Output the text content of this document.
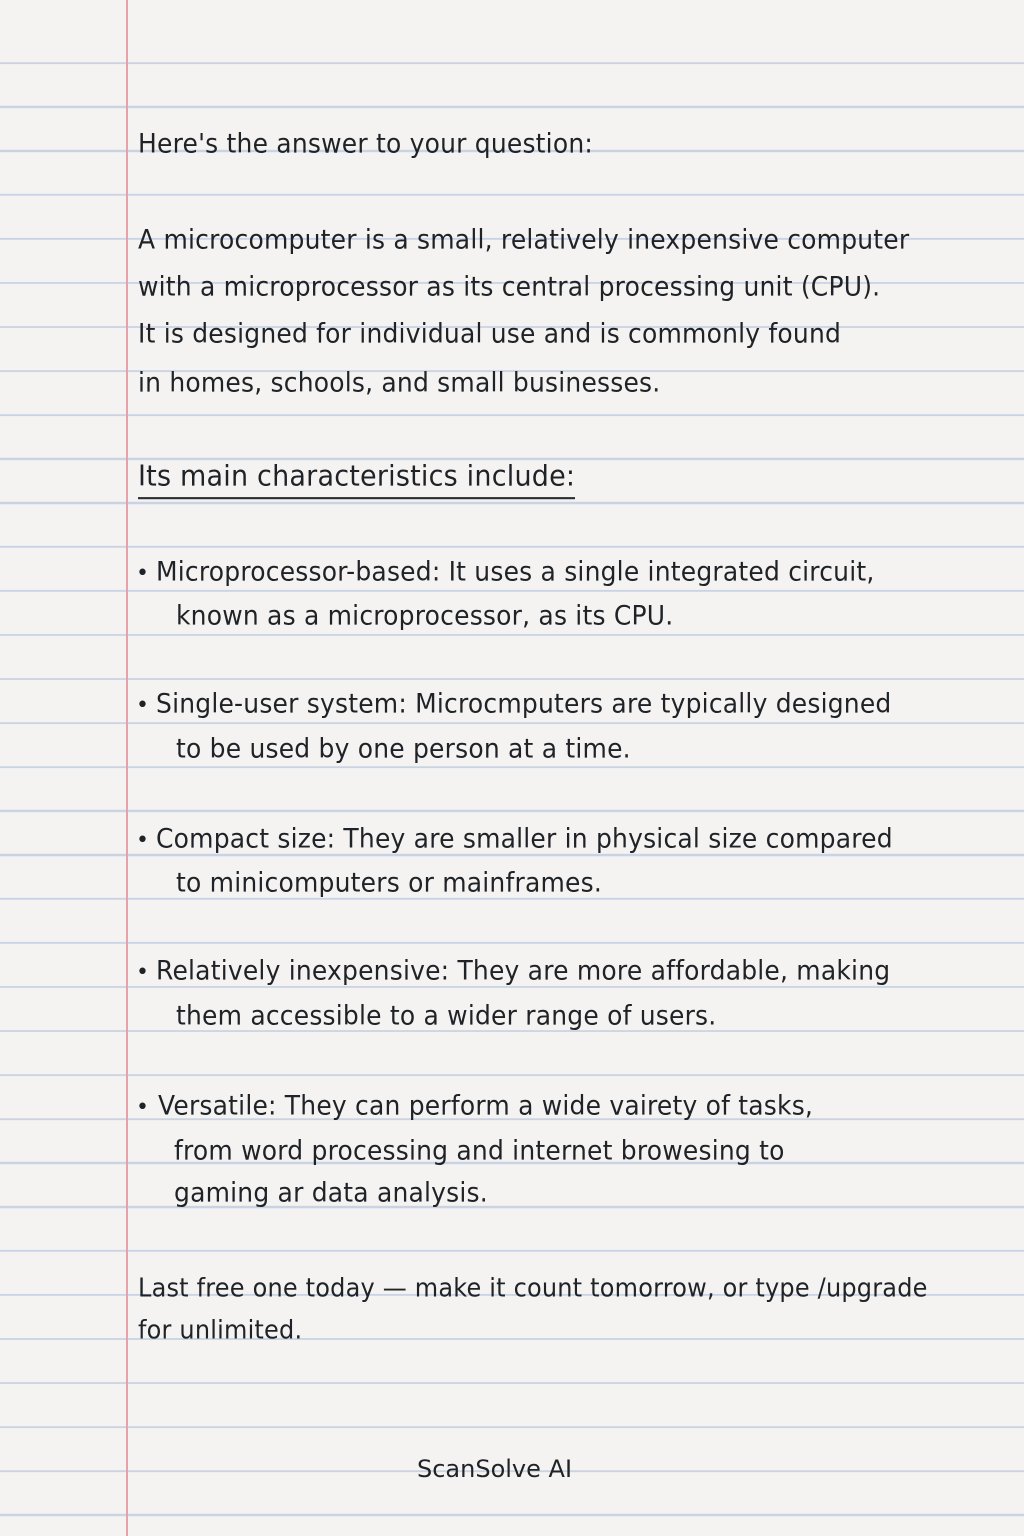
Here's the answer to your question:

A microcomputer is a small, relatively inexpensive computer

with a microprocessor as its central processing unit (CPU).

It is designed for individual use and is commonly found

in homes, schools, and small businesses.

Its main characteristics include:

• Microprocessor-based: It uses a single integrated circuit,

known as a microprocessor, as its CPU.

• Single-user system: Microcmputers are typically designed

to be used by one person at a time.

• Compact size: They are smaller in physical size compared

to minicomputers or mainframes.

• Relatively inexpensive: They are more affordable, making

them accessible to a wider range of users.

• Versatile: They can perform a wide vairety of tasks,

from word processing and internet browesing to

gaming ar data analysis.

Last free one today — make it count tomorrow, or type /upgrade

for unlimited.

ScanSolve AI
